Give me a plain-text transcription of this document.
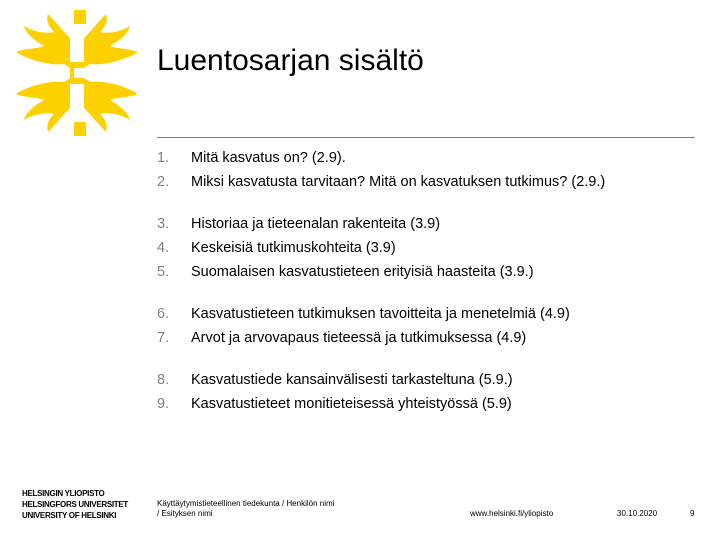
Luentosarjan sisältö
1.	Mitä kasvatus on? (2.9).
2.	Miksi kasvatusta tarvitaan? Mitä on kasvatuksen tutkimus? (2.9.)
3.	Historiaa ja tieteenalan rakenteita (3.9)
4.	Keskeisiä tutkimuskohteita (3.9)
5.	Suomalaisen kasvatustieteen erityisiä haasteita (3.9.)
6.	Kasvatustieteen tutkimuksen tavoitteita ja menetelmiä (4.9)
7.	Arvot ja arvovapaus tieteessä ja tutkimuksessa (4.9)
8.	Kasvatustiede kansainvälisesti tarkasteltuna (5.9.)
9.	Kasvatustieteet monitieteisessä yhteistyössä (5.9)
HELSINGIN YLIOPISTO
HELSINGFORS UNIVERSITET
UNIVERSITY OF HELSINKI
Käyttäytymistieteellinen tiedekunta / Henkilön nimi
/ Esityksen nimi	www.helsinki.fi/yliopisto	30.10.2020	9
